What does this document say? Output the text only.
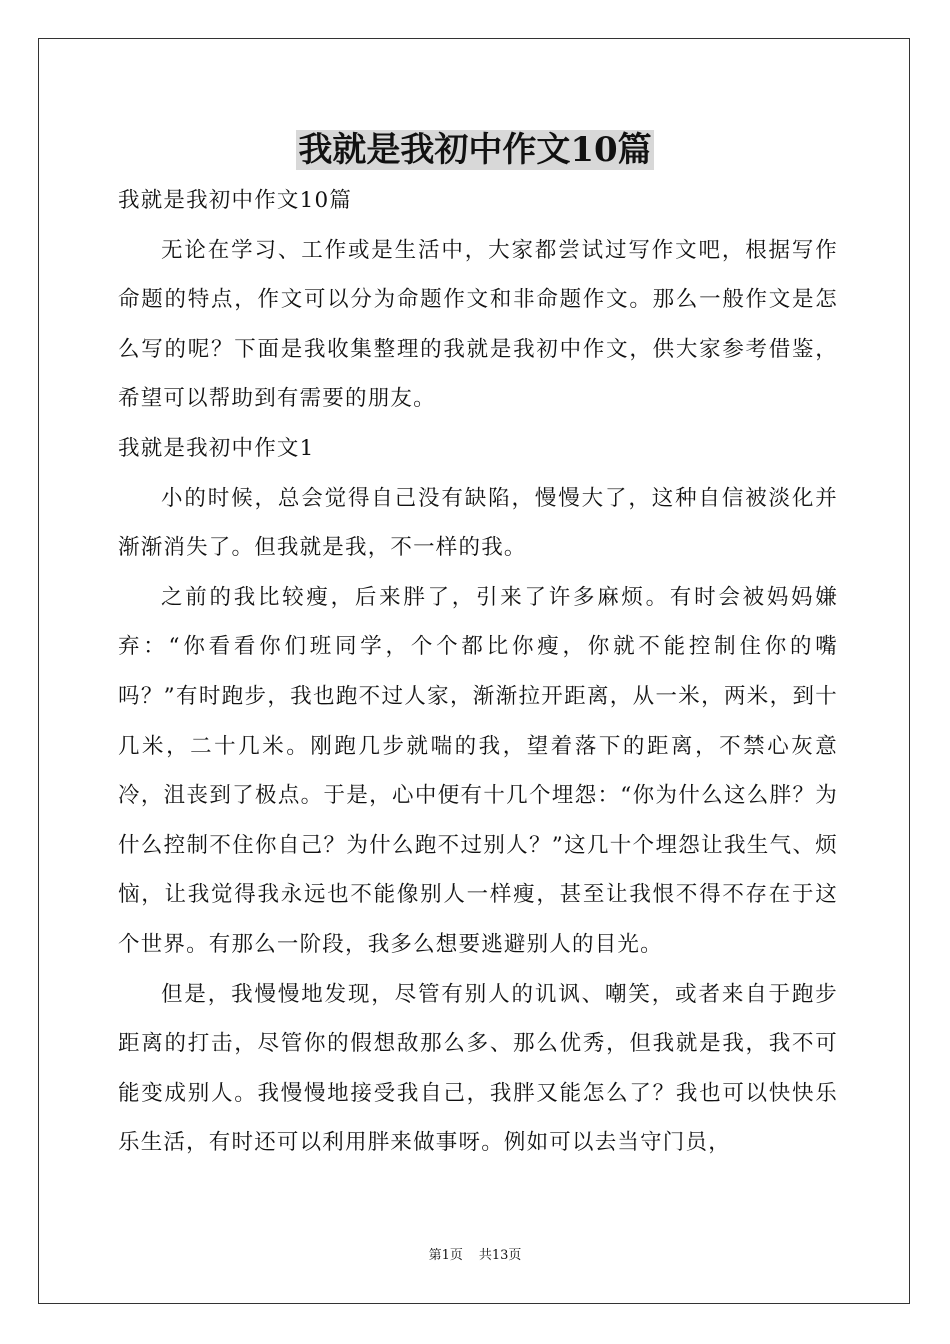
我就是我初中作文10篇

我就是我初中作文10篇

无论在学习、工作或是生活中，大家都尝试过写作文吧，根据写作命题的特点，作文可以分为命题作文和非命题作文。那么一般作文是怎么写的呢？下面是我收集整理的我就是我初中作文，供大家参考借鉴，希望可以帮助到有需要的朋友。

我就是我初中作文1

小的时候，总会觉得自己没有缺陷，慢慢大了，这种自信被淡化并渐渐消失了。但我就是我，不一样的我。

之前的我比较瘦，后来胖了，引来了许多麻烦。有时会被妈妈嫌弃：“你看看你们班同学，个个都比你瘦，你就不能控制住你的嘴吗？”有时跑步，我也跑不过人家，渐渐拉开距离，从一米，两米，到十几米，二十几米。刚跑几步就喘的我，望着落下的距离，不禁心灰意冷，沮丧到了极点。于是，心中便有十几个埋怨：“你为什么这么胖？为什么控制不住你自己？为什么跑不过别人？”这几十个埋怨让我生气、烦恼，让我觉得我永远也不能像别人一样瘦，甚至让我恨不得不存在于这个世界。有那么一阶段，我多么想要逃避别人的目光。

但是，我慢慢地发现，尽管有别人的讥讽、嘲笑，或者来自于跑步距离的打击，尽管你的假想敌那么多、那么优秀，但我就是我，我不可能变成别人。我慢慢地接受我自己，我胖又能怎么了？我也可以快快乐乐生活，有时还可以利用胖来做事呀。例如可以去当守门员，

第1页 共13页
